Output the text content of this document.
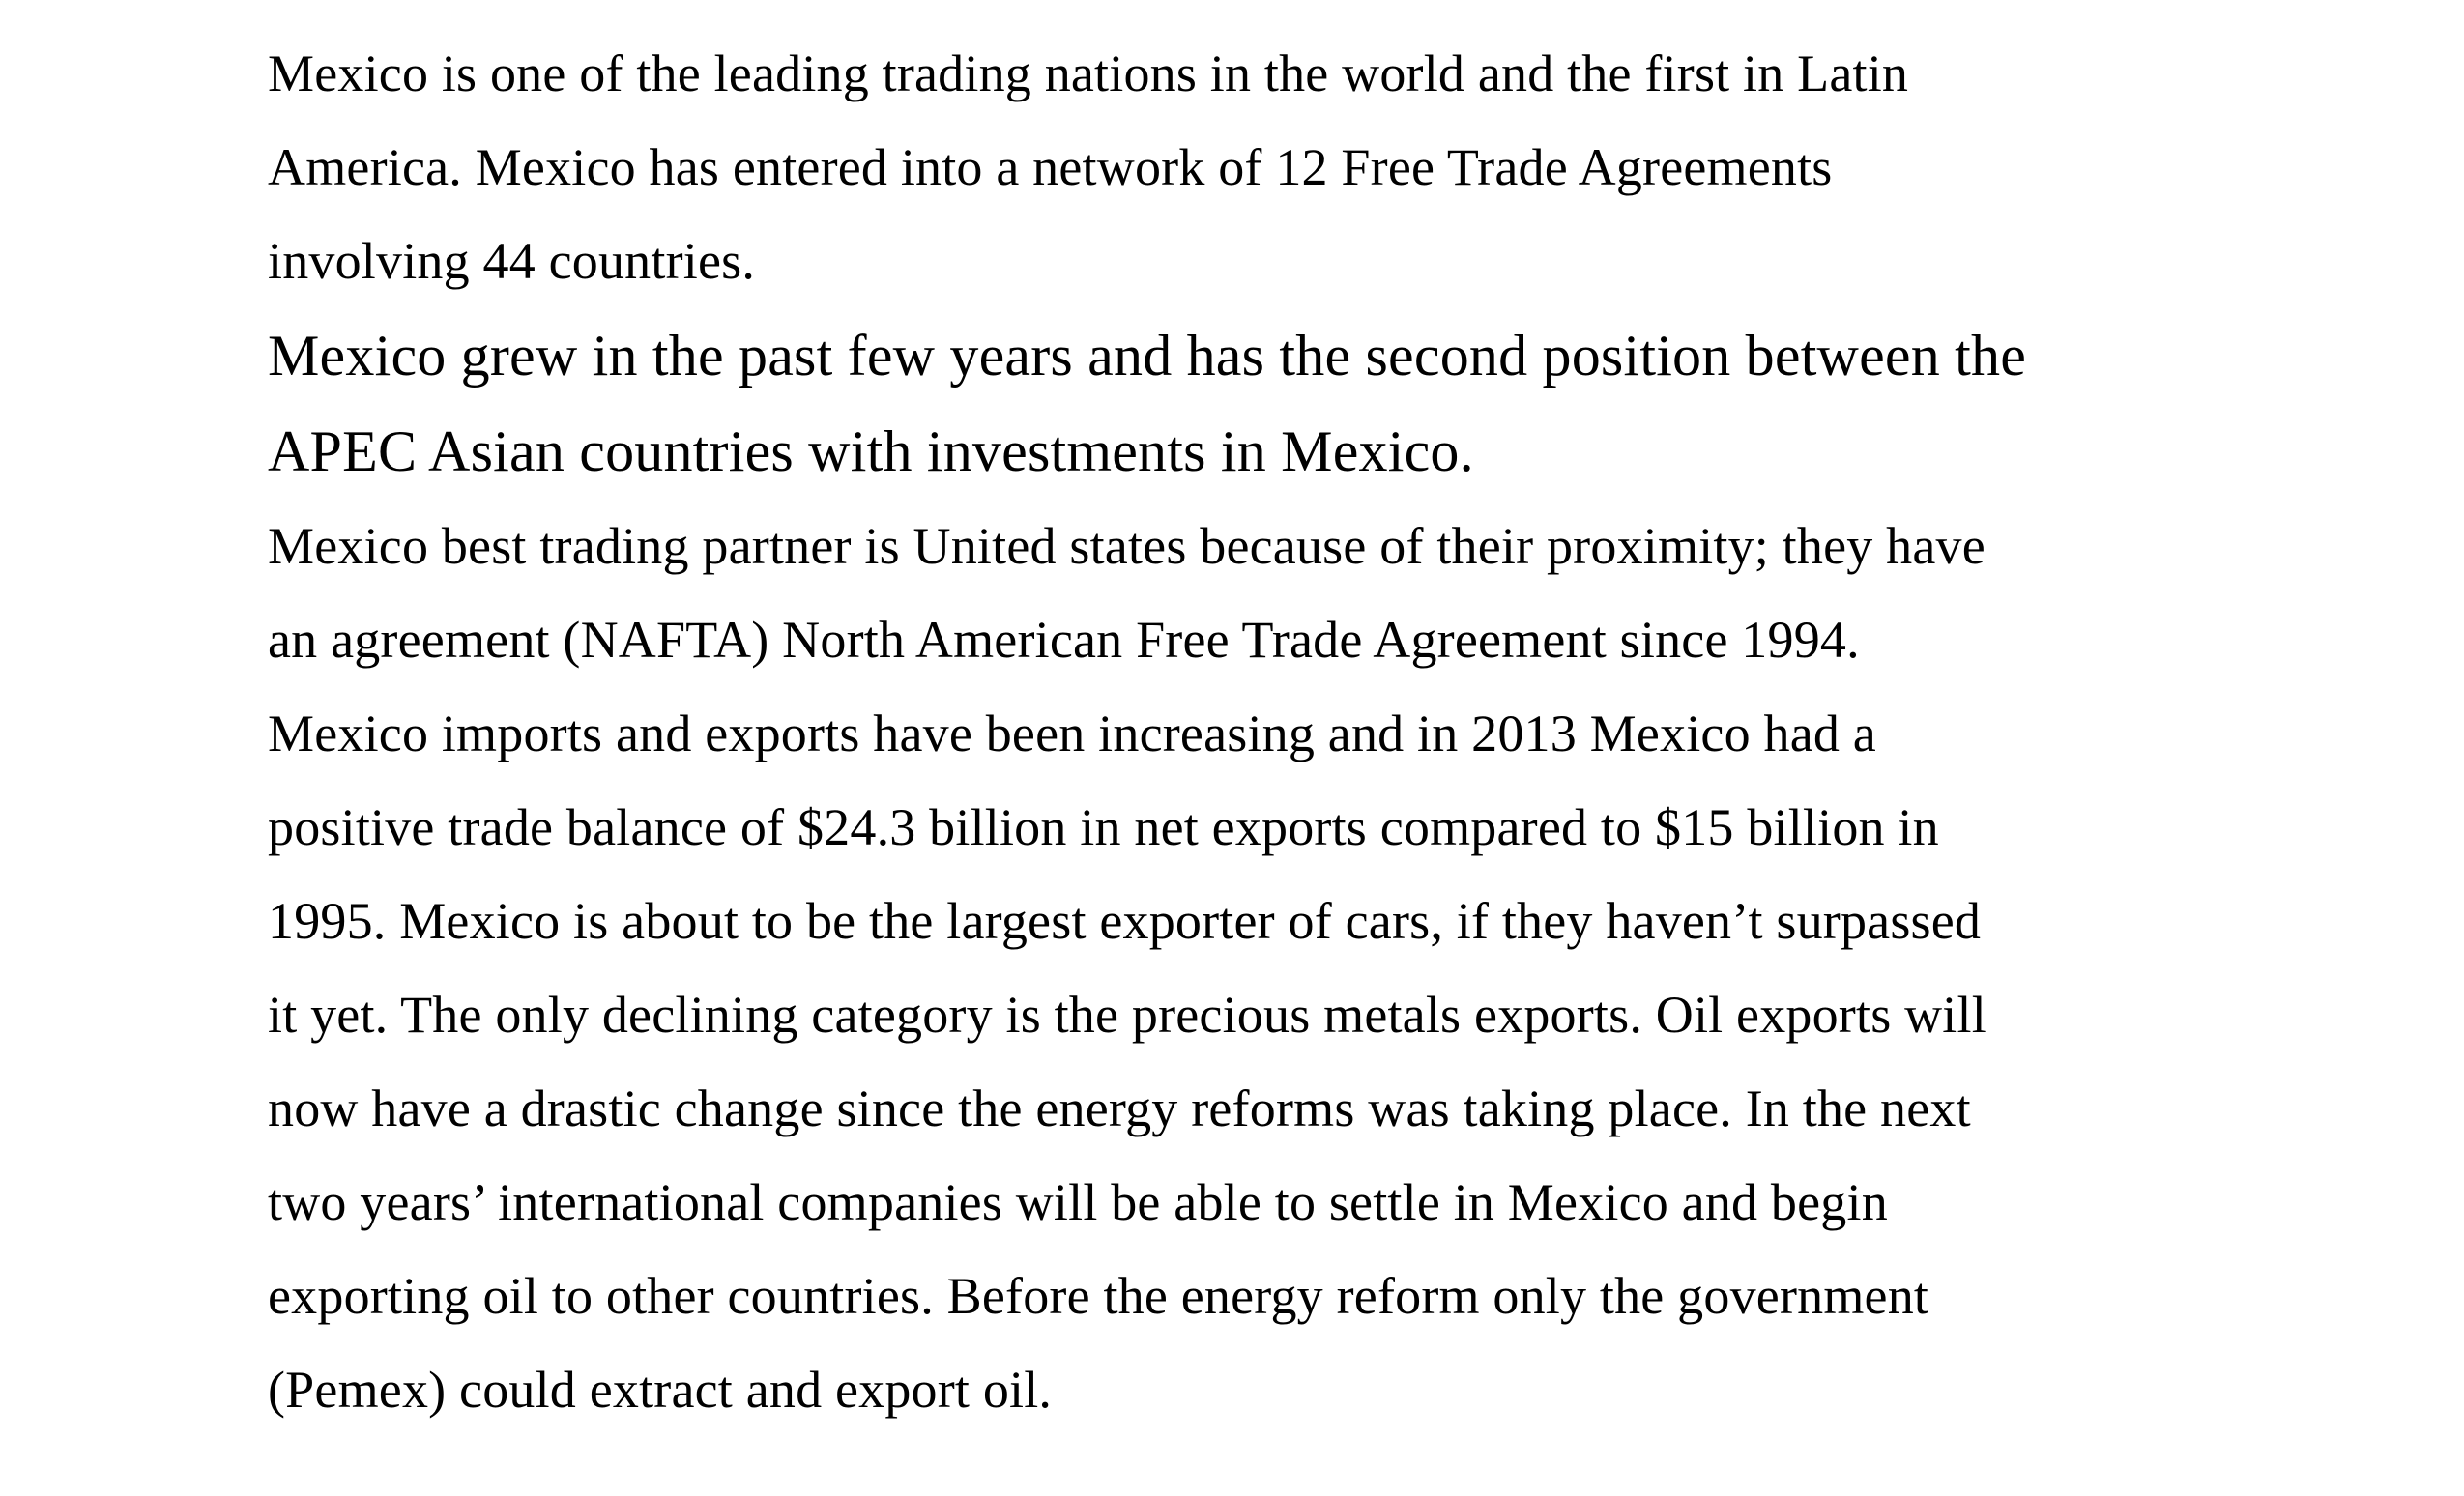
Mexico is one of the leading trading nations in the world and the first in Latin
America. Mexico has entered into a network of 12 Free Trade Agreements
involving 44 countries.
Mexico grew in the past few years and has the second position between the
APEC Asian countries with investments in Mexico.
Mexico best trading partner is United states because of their proximity; they have
an agreement (NAFTA) North American Free Trade Agreement since 1994.
Mexico imports and exports have been increasing and in 2013 Mexico had a
positive trade balance of $24.3 billion in net exports compared to $15 billion in
1995. Mexico is about to be the largest exporter of cars, if they haven’t surpassed
it yet. The only declining category is the precious metals exports. Oil exports will
now have a drastic change since the energy reforms was taking place. In the next
two years’ international companies will be able to settle in Mexico and begin
exporting oil to other countries. Before the energy reform only the government
(Pemex) could extract and export oil.
